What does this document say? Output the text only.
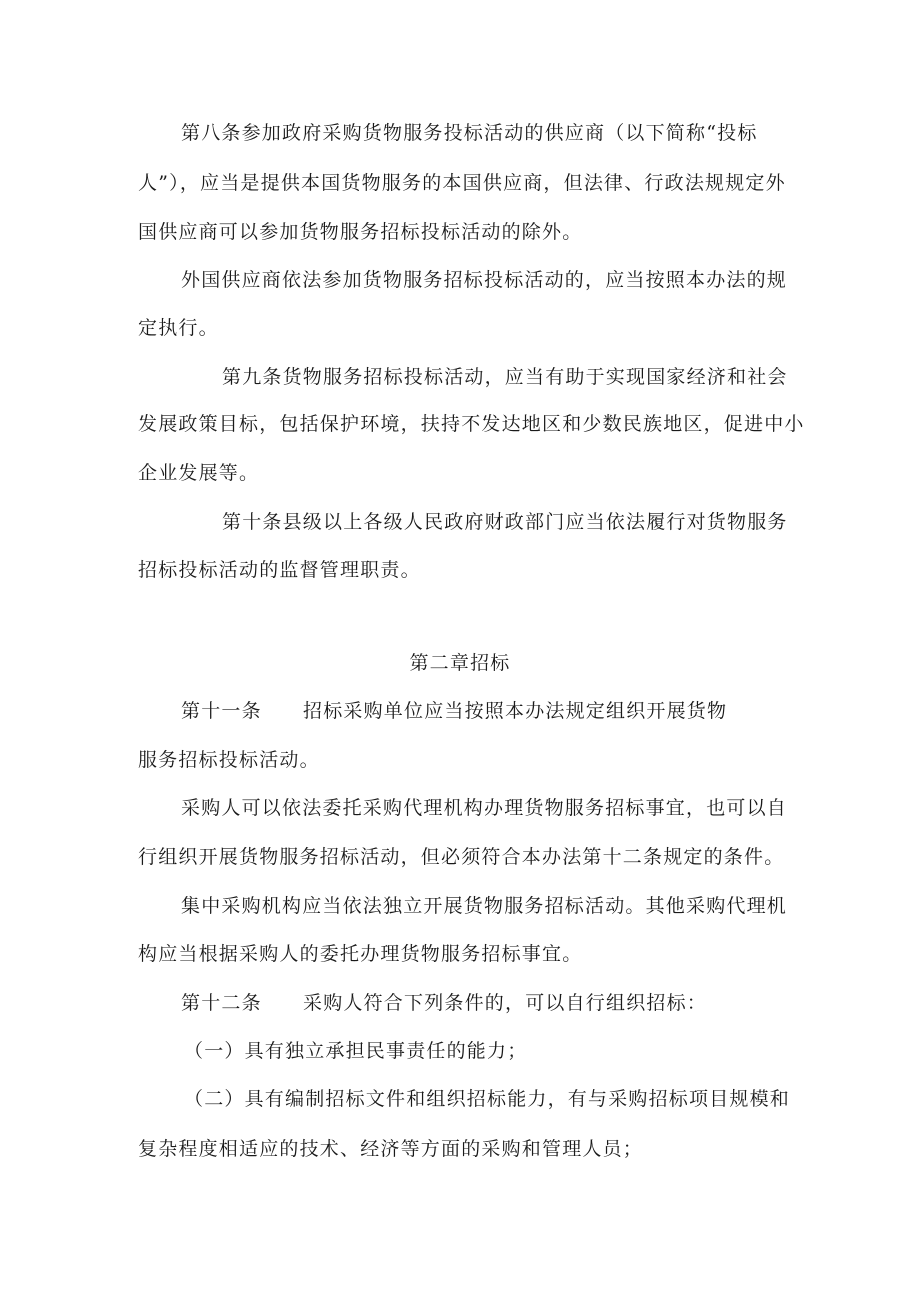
第八条参加政府采购货物服务投标活动的供应商（以下简称“投标
人”），应当是提供本国货物服务的本国供应商，但法律、行政法规规定外
国供应商可以参加货物服务招标投标活动的除外。
外国供应商依法参加货物服务招标投标活动的，应当按照本办法的规
定执行。
第九条货物服务招标投标活动，应当有助于实现国家经济和社会
发展政策目标，包括保护环境，扶持不发达地区和少数民族地区，促进中小
企业发展等。
第十条县级以上各级人民政府财政部门应当依法履行对货物服务
招标投标活动的监督管理职责。
第二章招标
第十一条 招标采购单位应当按照本办法规定组织开展货物
服务招标投标活动。
采购人可以依法委托采购代理机构办理货物服务招标事宜，也可以自
行组织开展货物服务招标活动，但必须符合本办法第十二条规定的条件。
集中采购机构应当依法独立开展货物服务招标活动。其他采购代理机
构应当根据采购人的委托办理货物服务招标事宜。
第十二条 采购人符合下列条件的，可以自行组织招标：
（一）具有独立承担民事责任的能力；
（二）具有编制招标文件和组织招标能力，有与采购招标项目规模和
复杂程度相适应的技术、经济等方面的采购和管理人员；
